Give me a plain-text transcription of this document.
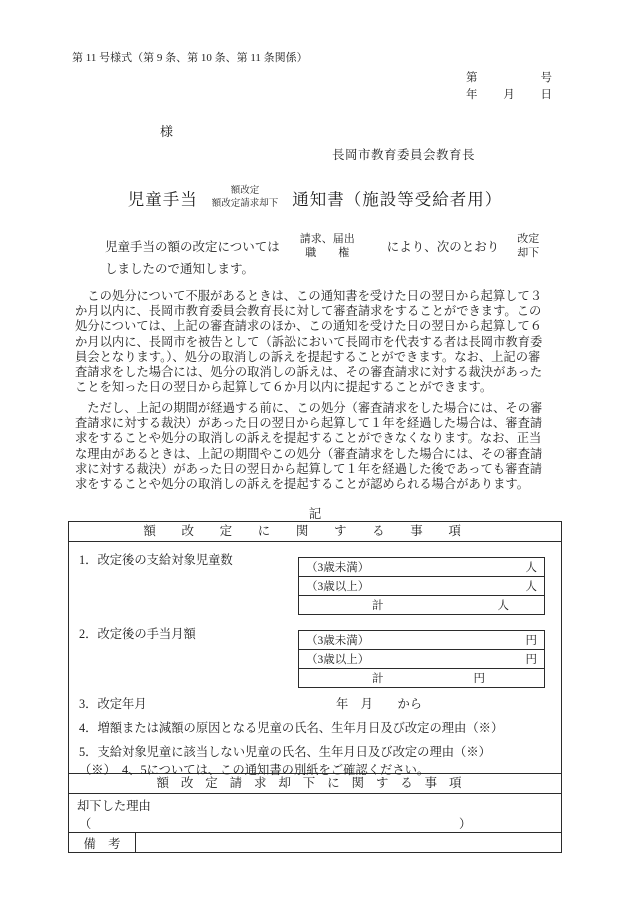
第 11 号様式（第 9 条、第 10 条、第 11 条関係）
第	号
年 月 日
様
長岡市教育委員会教育長
児童手当	額改定
額改定請求却下 通知書（施設等受給者用）
児童手当の額の改定については
請求、届出
職　　権	により、次のとおり
改定
却下
しましたので通知します。
　この処分について不服があるときは、この通知書を受けた日の翌日から起算して３
か月以内に、長岡市教育委員会教育長に対して審査請求をすることができます。この
処分については、上記の審査請求のほか、この通知を受けた日の翌日から起算して６
か月以内に、長岡市を被告として（訴訟において長岡市を代表する者は長岡市教育委
員会となります。）、処分の取消しの訴えを提起することができます。なお、上記の審
査請求をした場合には、処分の取消しの訴えは、その審査請求に対する裁決があった
ことを知った日の翌日から起算して６か月以内に提起することができます。
　ただし、上記の期間が経過する前に、この処分（審査請求をした場合には、その審
査請求に対する裁決）があった日の翌日から起算して１年を経過した場合は、審査請
求をすることや処分の取消しの訴えを提起することができなくなります。なお、正当
な理由があるときは、上記の期間やこの処分（審査請求をした場合には、その審査請
求に対する裁決）があった日の翌日から起算して１年を経過した後であっても審査請
求をすることや処分の取消しの訴えを提起することが認められる場合があります。
記
額改定に関する事項
1．改定後の支給対象児童数
（3歳未満）	人
（3歳以上）	人
計	人
2．改定後の手当月額	（3歳未満）	円
（3歳以上）	円
計	円
3．改定年月	年　月　　から
4．増額または減額の原因となる児童の氏名、生年月日及び改定の理由（※）
5．支給対象児童に該当しない児童の氏名、生年月日及び改定の理由（※）
（※）　4、5については、この通知書の別紙をご確認ください。
額改定請求却下に関する事項
却下した理由
（	）
備　考
